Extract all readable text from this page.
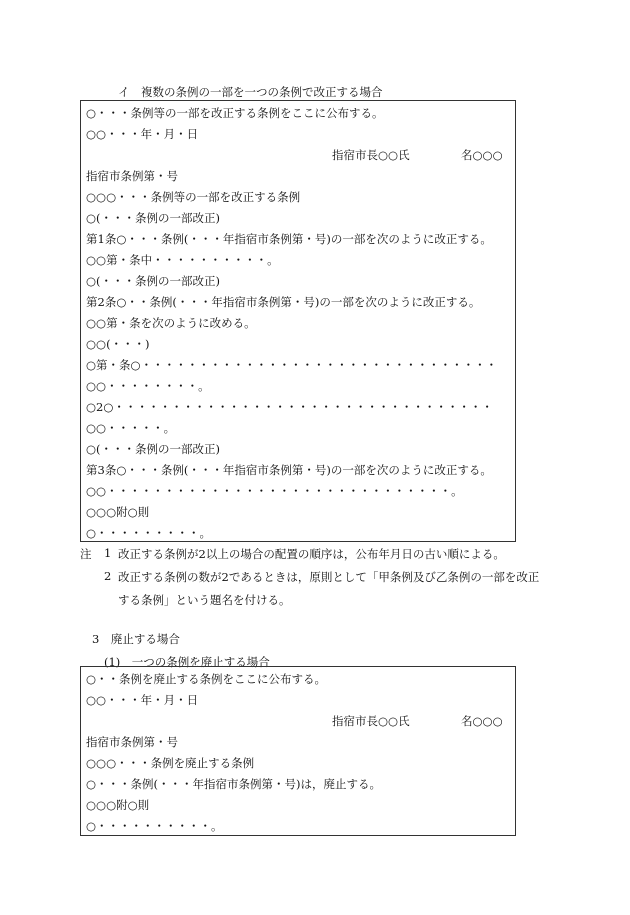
イ　複数の条例の一部を一つの条例で改正する場合
○・・・条例等の一部を改正する条例をここに公布する。
○○・・・年・月・日
指宿市長○○氏	名○○○
指宿市条例第・号
○○○・・・条例等の一部を改正する条例
○(・・・条例の一部改正)
第1条○・・・条例(・・・年指宿市条例第・号)の一部を次のように改正する。
○○第・条中・・・・・・・・・・。
○(・・・条例の一部改正)
第2条○・・条例(・・・年指宿市条例第・号)の一部を次のように改正する。
○○第・条を次のように改める。
○○(・・・)
○第・条○・・・・・・・・・・・・・・・・・・・・・・・・・・・・・・・
○○・・・・・・・・。
○2○・・・・・・・・・・・・・・・・・・・・・・・・・・・・・・・・・
○○・・・・・。
○(・・・条例の一部改正)
第3条○・・・条例(・・・年指宿市条例第・号)の一部を次のように改正する。
○○・・・・・・・・・・・・・・・・・・・・・・・・・・・・・・。
○○○附○則
○・・・・・・・・・。
注 1 改正する条例が2以上の場合の配置の順序は，公布年月日の古い順による。
2 改正する条例の数が2であるときは，原則として「甲条例及び乙条例の一部を改正
する条例」という題名を付ける。
3　廃止する場合
(1)　一つの条例を廃止する場合
○・・条例を廃止する条例をここに公布する。
○○・・・年・月・日
指宿市長○○氏	名○○○
指宿市条例第・号
○○○・・・条例を廃止する条例
○・・・条例(・・・年指宿市条例第・号)は，廃止する。
○○○附○則
○・・・・・・・・・・。
